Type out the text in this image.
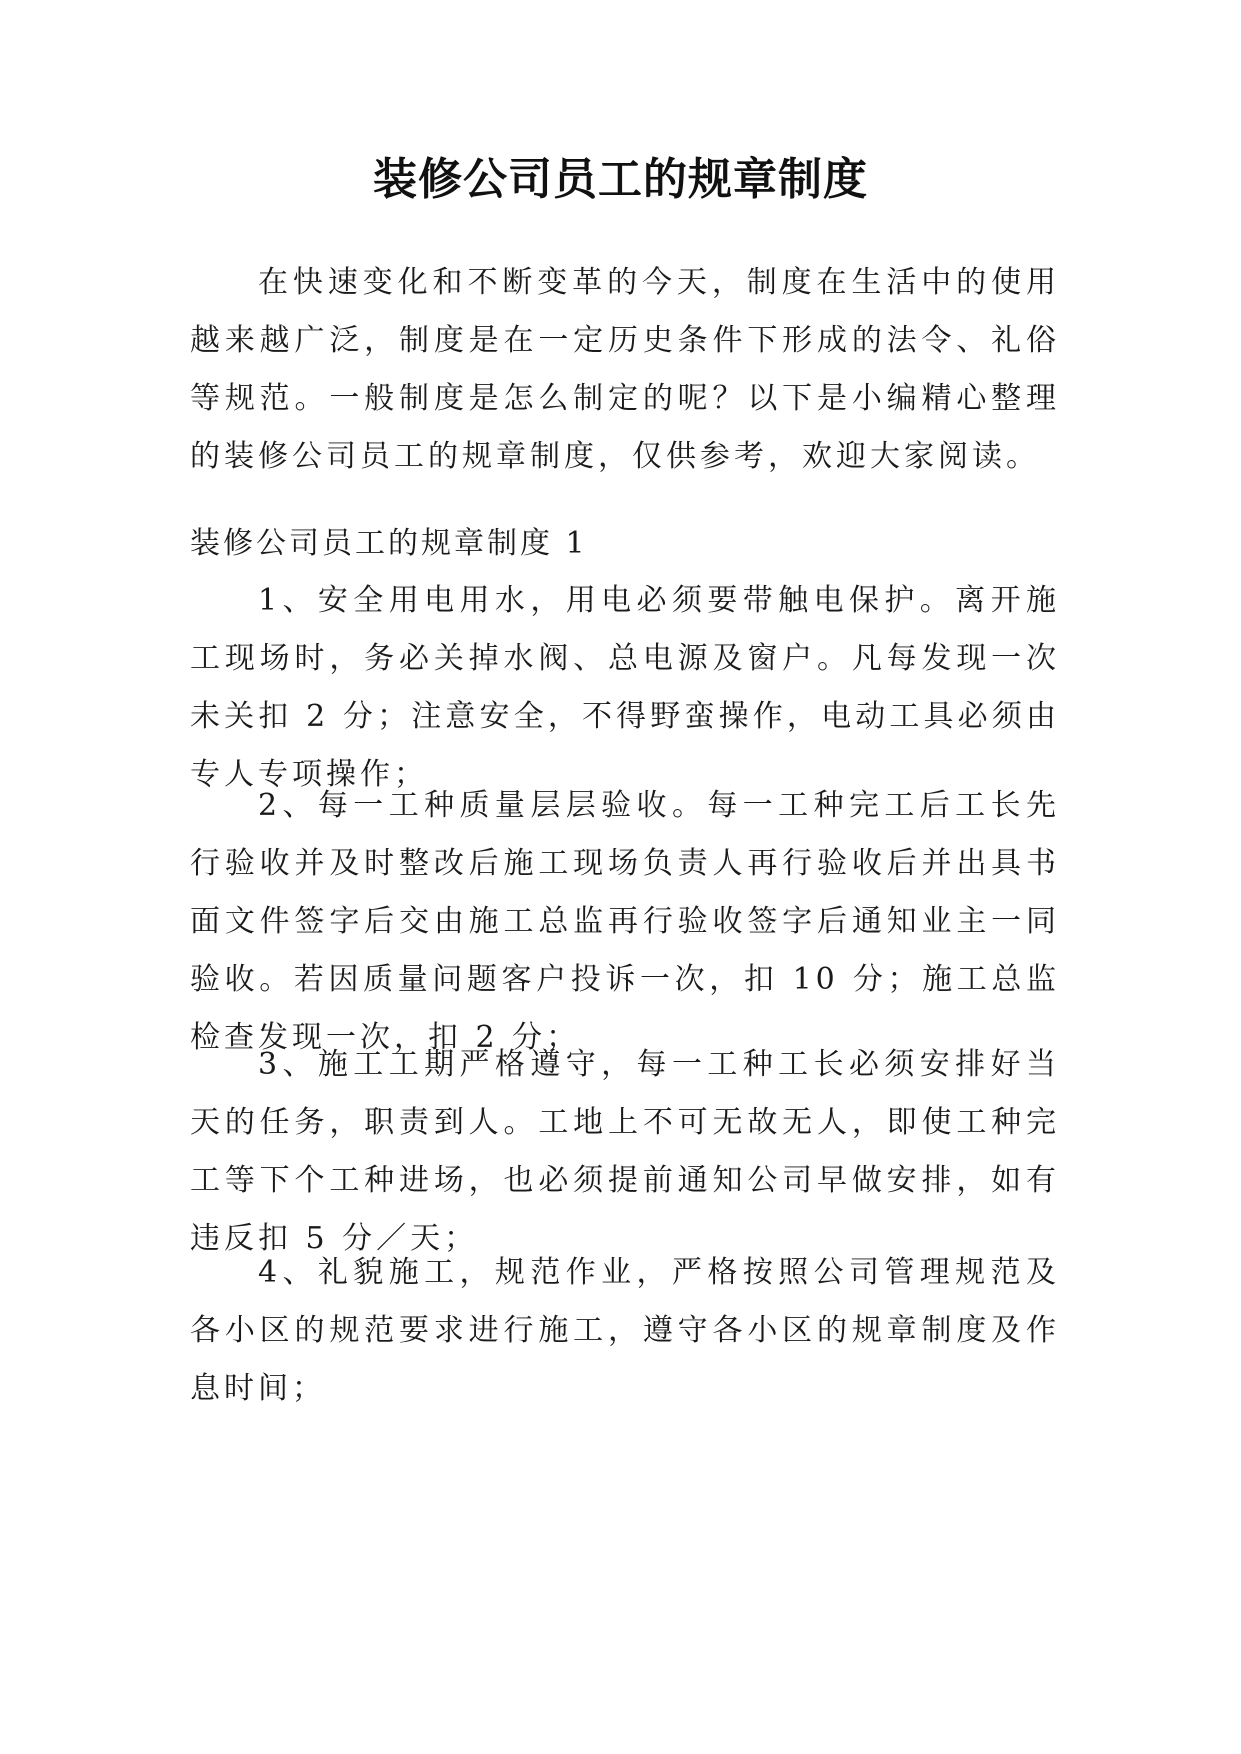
装修公司员工的规章制度

在快速变化和不断变革的今天，制度在生活中的使用越来越广泛，制度是在一定历史条件下形成的法令、礼俗等规范。一般制度是怎么制定的呢？以下是小编精心整理的装修公司员工的规章制度，仅供参考，欢迎大家阅读。

装修公司员工的规章制度 1

1、安全用电用水，用电必须要带触电保护。离开施工现场时，务必关掉水阀、总电源及窗户。凡每发现一次未关扣 2 分；注意安全，不得野蛮操作，电动工具必须由专人专项操作；

2、每一工种质量层层验收。每一工种完工后工长先行验收并及时整改后施工现场负责人再行验收后并出具书面文件签字后交由施工总监再行验收签字后通知业主一同验收。若因质量问题客户投诉一次，扣 10 分；施工总监检查发现一次，扣 2 分；

3、施工工期严格遵守，每一工种工长必须安排好当天的任务，职责到人。工地上不可无故无人，即使工种完工等下个工种进场，也必须提前通知公司早做安排，如有违反扣 5 分／天；

4、礼貌施工，规范作业，严格按照公司管理规范及各小区的规范要求进行施工，遵守各小区的规章制度及作息时间；
